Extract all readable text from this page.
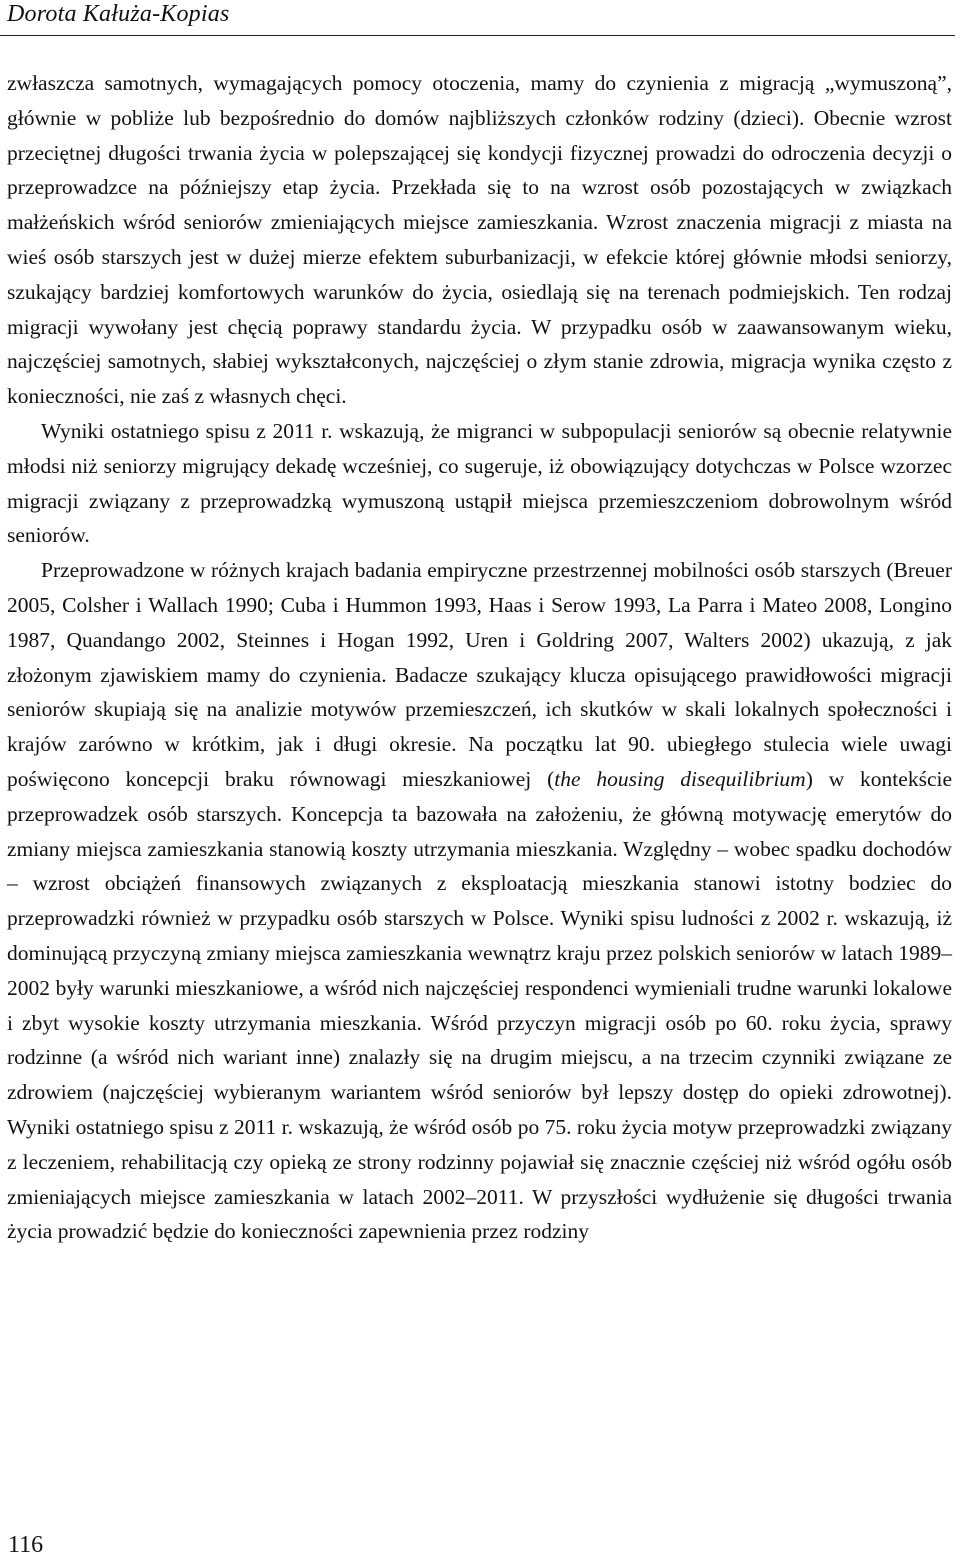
Dorota Kałuża-Kopias

zwłaszcza samotnych, wymagających pomocy otoczenia, mamy do czynienia z migracją „wymuszoną”, głównie w pobliże lub bezpośrednio do domów najbliższych członków rodziny (dzieci). Obecnie wzrost przeciętnej długości trwania życia w polepszającej się kondycji fizycznej prowadzi do odroczenia decyzji o przeprowadzce na późniejszy etap życia. Przekłada się to na wzrost osób pozostających w związkach małżeńskich wśród seniorów zmieniających miejsce zamieszkania. Wzrost znaczenia migracji z miasta na wieś osób starszych jest w dużej mierze efektem suburbanizacji, w efekcie której głównie młodsi seniorzy, szukający bardziej komfortowych warunków do życia, osiedlają się na terenach podmiejskich. Ten rodzaj migracji wywołany jest chęcią poprawy standardu życia. W przypadku osób w zaawansowanym wieku, najczęściej samotnych, słabiej wykształconych, najczęściej o złym stanie zdrowia, migracja wynika często z konieczności, nie zaś z własnych chęci.

Wyniki ostatniego spisu z 2011 r. wskazują, że migranci w subpopulacji seniorów są obecnie relatywnie młodsi niż seniorzy migrujący dekadę wcześniej, co sugeruje, iż obowiązujący dotychczas w Polsce wzorzec migracji związany z przeprowadzką wymuszoną ustąpił miejsca przemieszczeniom dobrowolnym wśród seniorów.

Przeprowadzone w różnych krajach badania empiryczne przestrzennej mobilności osób starszych (Breuer 2005, Colsher i Wallach 1990; Cuba i Hummon 1993, Haas i Serow 1993, La Parra i Mateo 2008, Longino 1987, Quandango 2002, Steinnes i Hogan 1992, Uren i Goldring 2007, Walters 2002) ukazują, z jak złożonym zjawiskiem mamy do czynienia. Badacze szukający klucza opisującego prawidłowości migracji seniorów skupiają się na analizie motywów przemieszczeń, ich skutków w skali lokalnych społeczności i krajów zarówno w krótkim, jak i długi okresie. Na początku lat 90. ubiegłego stulecia wiele uwagi poświęcono koncepcji braku równowagi mieszkaniowej (the housing disequilibrium) w kontekście przeprowadzek osób starszych. Koncepcja ta bazowała na założeniu, że główną motywację emerytów do zmiany miejsca zamieszkania stanowią koszty utrzymania mieszkania. Względny – wobec spadku dochodów – wzrost obciążeń finansowych związanych z eksploatacją mieszkania stanowi istotny bodziec do przeprowadzki również w przypadku osób starszych w Polsce. Wyniki spisu ludności z 2002 r. wskazują, iż dominującą przyczyną zmiany miejsca zamieszkania wewnątrz kraju przez polskich seniorów w latach 1989–2002 były warunki mieszkaniowe, a wśród nich najczęściej respondenci wymieniali trudne warunki lokalowe i zbyt wysokie koszty utrzymania mieszkania. Wśród przyczyn migracji osób po 60. roku życia, sprawy rodzinne (a wśród nich wariant inne) znalazły się na drugim miejscu, a na trzecim czynniki związane ze zdrowiem (najczęściej wybieranym wariantem wśród seniorów był lepszy dostęp do opieki zdrowotnej). Wyniki ostatniego spisu z 2011 r. wskazują, że wśród osób po 75. roku życia motyw przeprowadzki związany z leczeniem, rehabilitacją czy opieką ze strony rodzinny pojawiał się znacznie częściej niż wśród ogółu osób zmieniających miejsce zamieszkania w latach 2002–2011. W przyszłości wydłużenie się długości trwania życia prowadzić będzie do konieczności zapewnienia przez rodziny

116
